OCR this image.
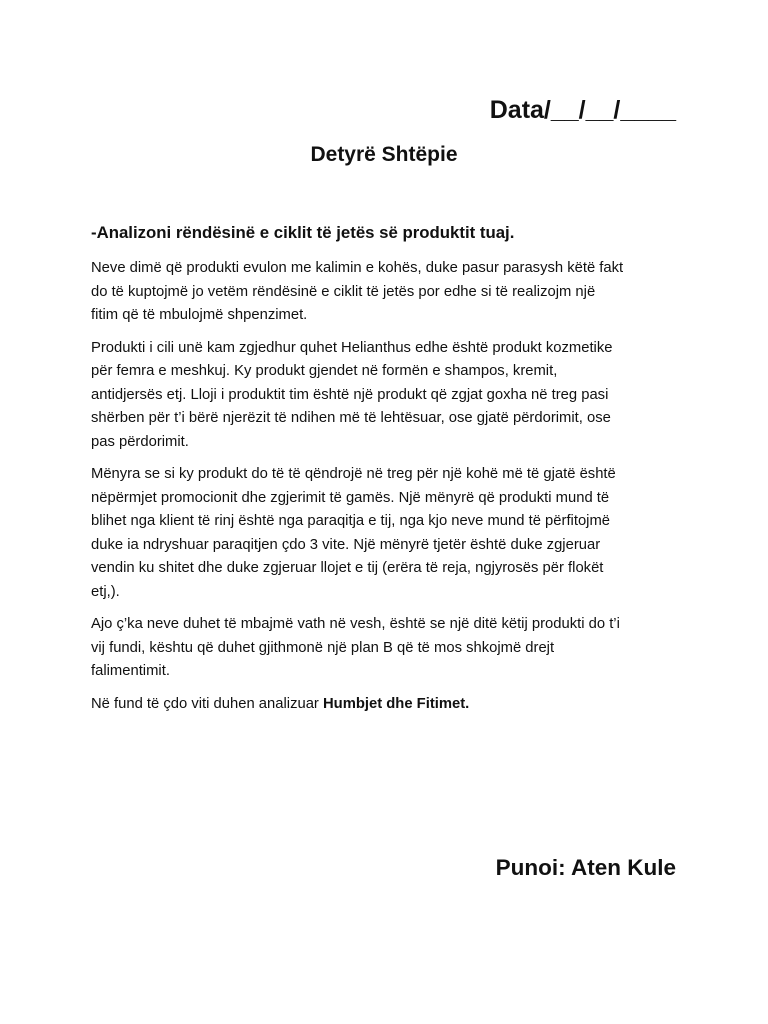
Data/__/__/____
Detyrë Shtëpie
-Analizoni rëndësinë e ciklit të jetës së produktit tuaj.
Neve dimë që produkti evulon me kalimin e kohës, duke pasur parasysh këtë fakt
do të kuptojmë jo vetëm rëndësinë e ciklit të jetës por edhe si të realizojm një
fitim që të mbulojmë shpenzimet.
Produkti i cili unë kam zgjedhur quhet Helianthus edhe është produkt kozmetike
për femra e meshkuj. Ky produkt gjendet në formën e shampos, kremit,
antidjersës etj. Lloji i produktit tim është një produkt që zgjat goxha në treg pasi
shërben për t’i bërë njerëzit të ndihen më të lehtësuar, ose gjatë përdorimit, ose
pas përdorimit.
Mënyra se si ky produkt do të të qëndrojë në treg për një kohë më të gjatë është
nëpërmjet promocionit dhe zgjerimit të gamës. Një mënyrë që produkti mund të
blihet nga klient të rinj është nga paraqitja e tij, nga kjo neve mund të përfitojmë
duke ia ndryshuar paraqitjen çdo 3 vite. Një mënyrë tjetër është duke zgjeruar
vendin ku shitet dhe duke zgjeruar llojet e tij (erëra të reja, ngjyrosës për flokët
etj,).
Ajo ç’ka neve duhet të mbajmë vath në vesh, është se një ditë këtij produkti do t’i
vij fundi, kështu që duhet gjithmonë një plan B që të mos shkojmë drejt
falimentimit.
Në fund të çdo viti duhen analizuar Humbjet dhe Fitimet.
Punoi: Aten Kule
